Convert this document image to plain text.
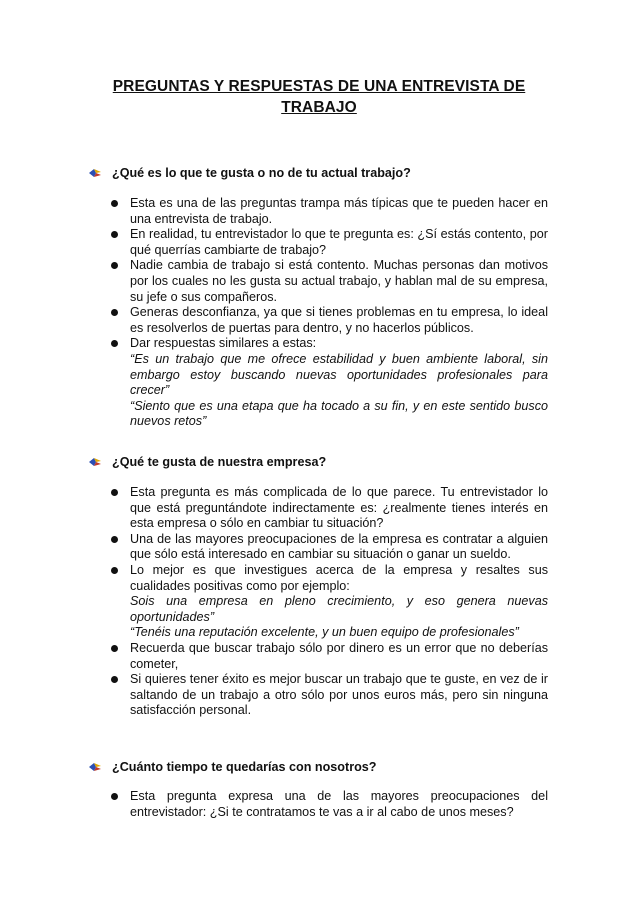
PREGUNTAS Y RESPUESTAS DE UNA ENTREVISTA DE TRABAJO
¿Qué es lo que te gusta o no de tu actual trabajo?
Esta es una de las preguntas trampa más típicas que te pueden hacer en una entrevista de trabajo.
En realidad, tu entrevistador lo que te pregunta es: ¿Sí estás contento, por qué querrías cambiarte de trabajo?
Nadie cambia de trabajo si está contento. Muchas personas dan motivos por los cuales no les gusta su actual trabajo, y hablan mal de su empresa, su jefe o sus compañeros.
Generas desconfianza, ya que si tienes problemas en tu empresa, lo ideal es resolverlos de puertas para dentro, y no hacerlos públicos.
Dar respuestas similares a estas:
“Es un trabajo que me ofrece estabilidad y buen ambiente laboral, sin embargo estoy buscando nuevas oportunidades profesionales para crecer”
“Siento que es una etapa que ha tocado a su fin, y en este sentido busco nuevos retos”
¿Qué te gusta de nuestra empresa?
Esta pregunta es más complicada de lo que parece. Tu entrevistador lo que está preguntándote indirectamente es: ¿realmente tienes interés en esta empresa o sólo en cambiar tu situación?
Una de las mayores preocupaciones de la empresa es contratar a alguien que sólo está interesado en cambiar su situación o ganar un sueldo.
Lo mejor es que investigues acerca de la empresa y resaltes sus cualidades positivas como por ejemplo:
Sois una empresa en pleno crecimiento, y eso genera nuevas oportunidades”
“Tenéis una reputación excelente, y un buen equipo de profesionales”
Recuerda que buscar trabajo sólo por dinero es un error que no deberías cometer,
Si quieres tener éxito es mejor buscar un trabajo que te guste, en vez de ir saltando de un trabajo a otro sólo por unos euros más, pero sin ninguna satisfacción personal.
¿Cuánto tiempo te quedarías con nosotros?
Esta pregunta expresa una de las mayores preocupaciones del entrevistador: ¿Si te contratamos te vas a ir al cabo de unos meses?
